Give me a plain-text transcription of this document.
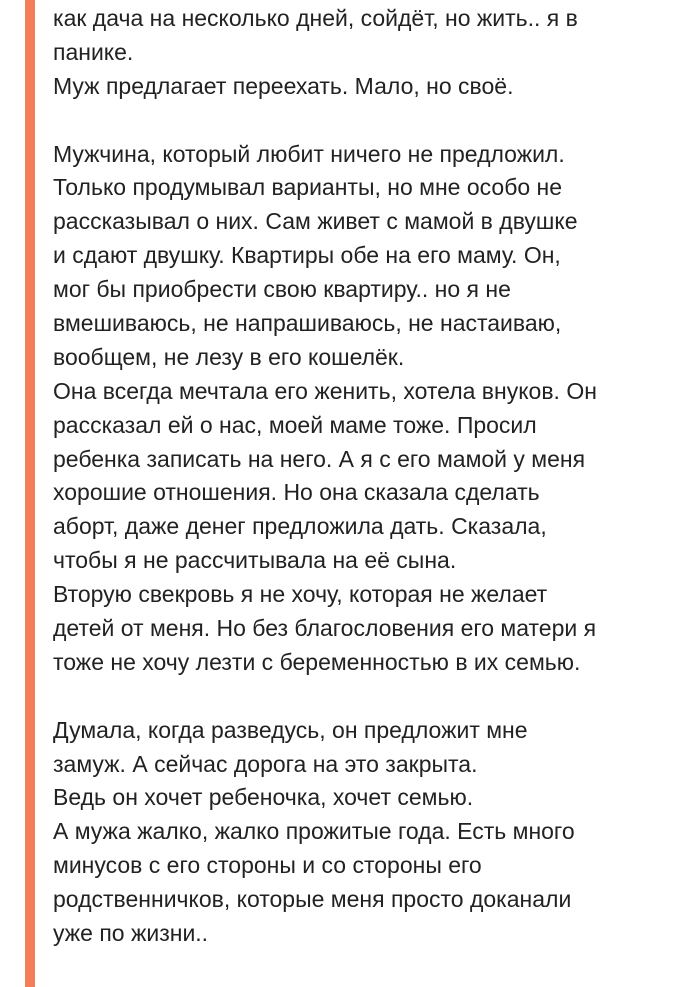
как дача на несколько дней, сойдёт, но жить.. я в
панике.
Муж предлагает переехать. Мало, но своё.
Мужчина, который любит ничего не предложил.
Только продумывал варианты, но мне особо не
рассказывал о них. Сам живет с мамой в двушке
и сдают двушку. Квартиры обе на его маму. Он,
мог бы приобрести свою квартиру.. но я не
вмешиваюсь, не напрашиваюсь, не настаиваю,
вообщем, не лезу в его кошелёк.
Она всегда мечтала его женить, хотела внуков. Он
рассказал ей о нас, моей маме тоже. Просил
ребенка записать на него. А я с его мамой у меня
хорошие отношения. Но она сказала сделать
аборт, даже денег предложила дать. Сказала,
чтобы я не рассчитывала на её сына.
Вторую свекровь я не хочу, которая не желает
детей от меня. Но без благословения его матери я
тоже не хочу лезти с беременностью в их семью.
Думала, когда разведусь, он предложит мне
замуж. А сейчас дорога на это закрыта.
Ведь он хочет ребеночка, хочет семью.
А мужа жалко, жалко прожитые года. Есть много
минусов с его стороны и со стороны его
родственничков, которые меня просто доканали
уже по жизни..
